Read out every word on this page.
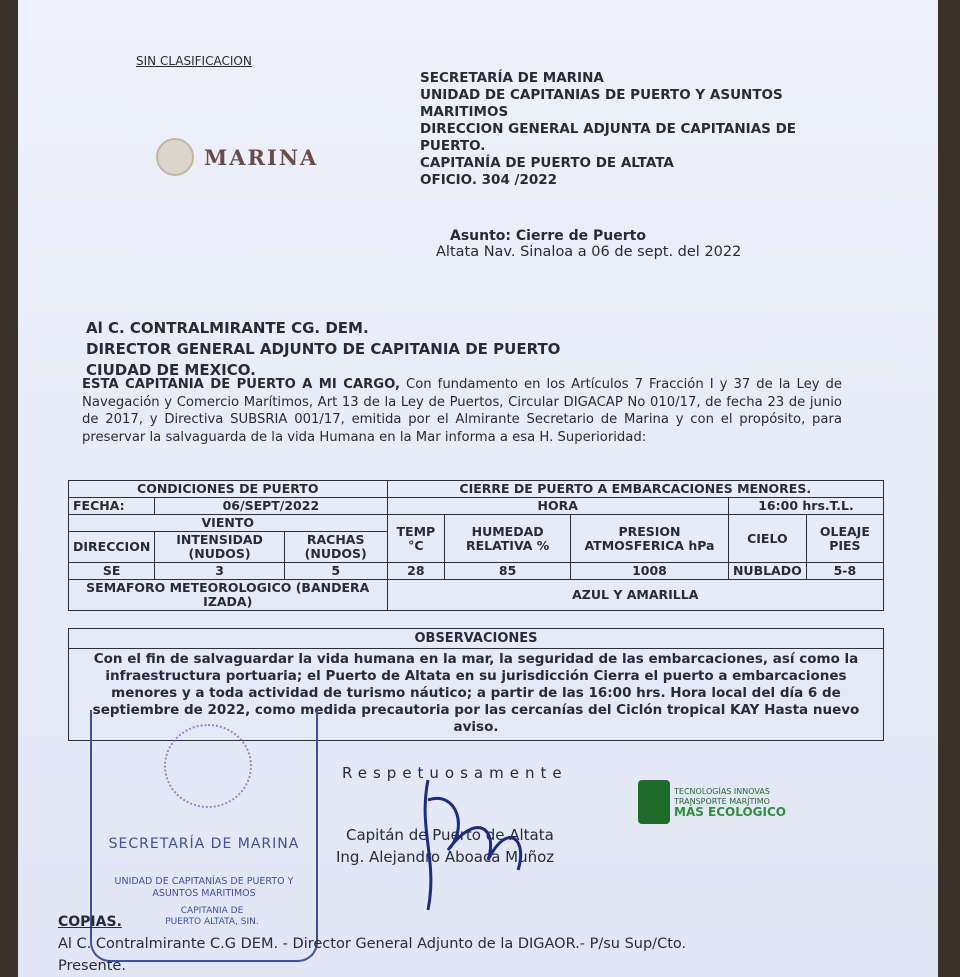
SIN CLASIFICACION
MARINA
SECRETARÍA DE MARINA
UNIDAD DE CAPITANIAS DE PUERTO Y ASUNTOS MARITIMOS
DIRECCION GENERAL ADJUNTA DE CAPITANIAS DE PUERTO.
CAPITANÍA DE PUERTO DE ALTATA
OFICIO. 304 /2022
Asunto: Cierre de Puerto
Altata Nav. Sinaloa a 06 de sept. del 2022
Al C. CONTRALMIRANTE CG. DEM.
DIRECTOR GENERAL ADJUNTO DE CAPITANIA DE PUERTO
CIUDAD DE MEXICO.
ESTA CAPITANIA DE PUERTO A MI CARGO, Con fundamento en los Artículos 7 Fracción I y 37 de la Ley de Navegación y Comercio Marítimos, Art 13 de la Ley de Puertos, Circular DIGACAP No 010/17, de fecha 23 de junio de 2017, y Directiva SUBSRIA 001/17, emitida por el Almirante Secretario de Marina y con el propósito, para preservar la salvaguarda de la vida Humana en la Mar informa a esa H. Superioridad:
CONDICIONES DE PUERTO			CIERRE DE PUERTO A EMBARCACIONES MENORES.				
FECHA:	06/SEPT/2022		HORA			16:00 hrs.T.L.	
VIENTO			TEMP °C	HUMEDAD RELATIVA %	PRESION ATMOSFERICA hPa	CIELO	OLEAJE PIES
DIRECCION	INTENSIDAD (NUDOS)	RACHAS (NUDOS)					
SE	3	5	28	85	1008	NUBLADO	5-8
SEMAFORO METEOROLOGICO (BANDERA IZADA)			AZUL Y AMARILLA				
OBSERVACIONES
Con el fin de salvaguardar la vida humana en la mar, la seguridad de las embarcaciones, así como la infraestructura portuaria; el Puerto de Altata en su jurisdicción Cierra el puerto a embarcaciones menores y a toda actividad de turismo náutico; a partir de las 16:00 hrs. Hora local del día 6 de septiembre de 2022, como medida precautoria por las cercanías del Ciclón tropical KAY Hasta nuevo aviso.
SECRETARÍA DE MARINA
UNIDAD DE CAPITANÍAS DE PUERTO Y ASUNTOS MARITIMOS
CAPITANIA DE PUERTO ALTATA, SIN.
Respetuosamente
Capitán de Puerto de Altata
Ing. Alejandro Aboaca Muñoz
TECNOLOGÍAS INNOVAS
TRANSPORTE MARÍTIMO
MÁS ECOLÓGICO
COPIAS.
Al C. Contralmirante C.G DEM. - Director General Adjunto de la DIGAOR.- P/su Sup/Cto.
Presente.
